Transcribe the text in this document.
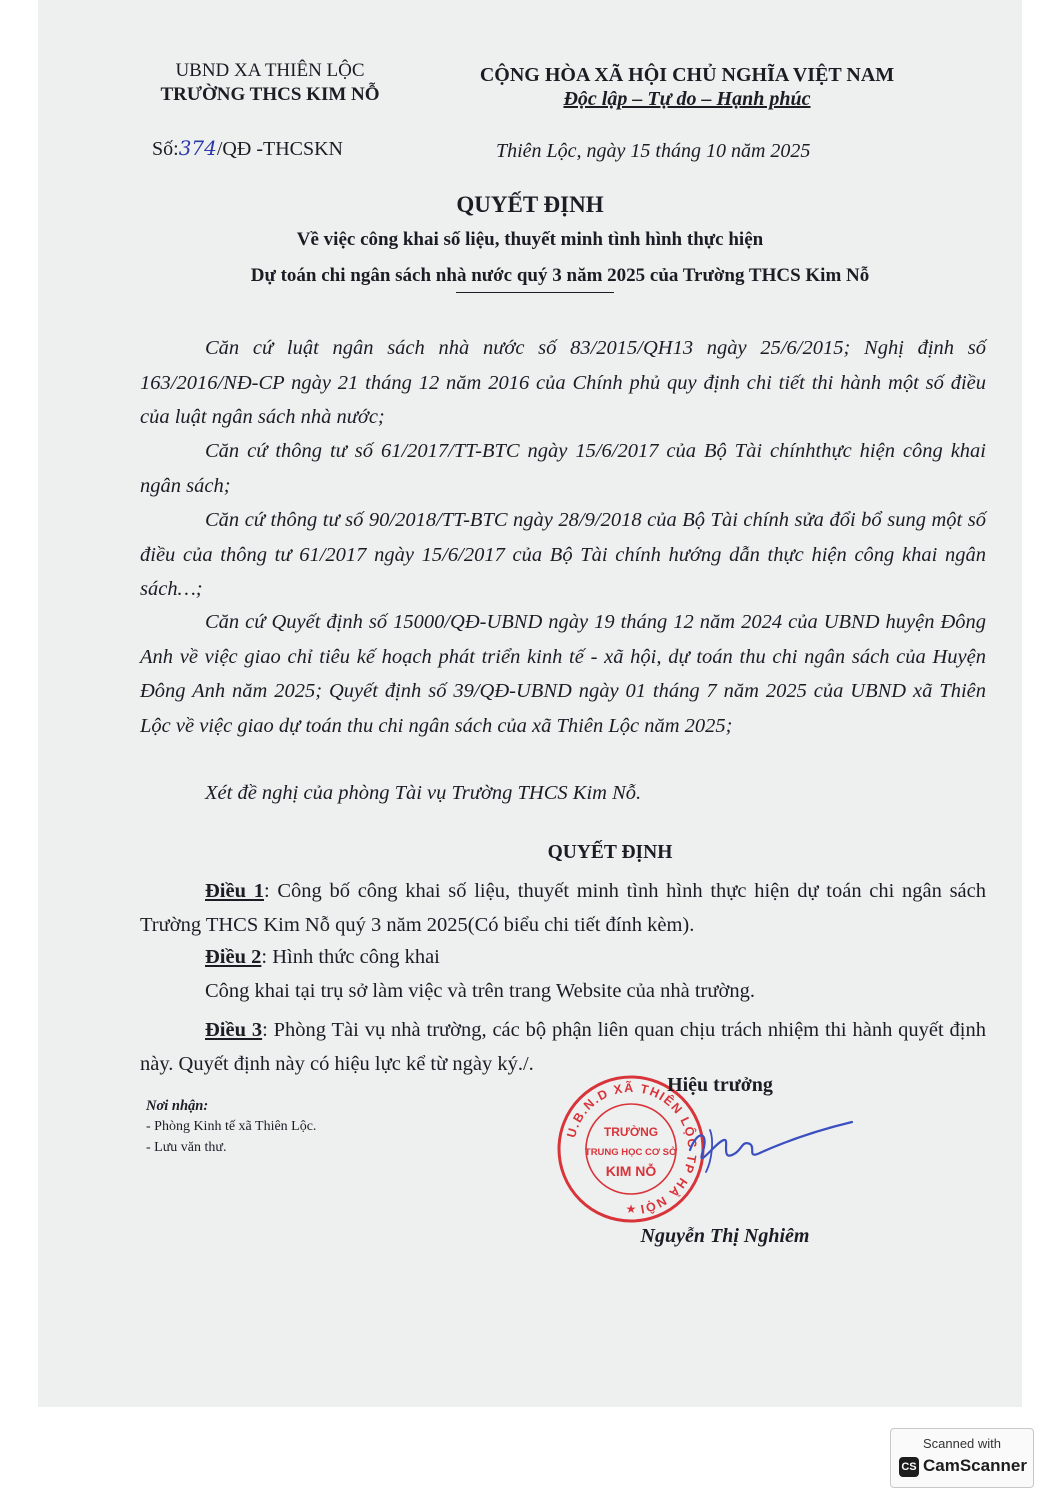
UBND XA THIÊN LỘC
TRƯỜNG THCS KIM NỖ
CỘNG HÒA XÃ HỘI CHỦ NGHĨA VIỆT NAM
Độc lập – Tự do – Hạnh phúc
Số:374/QĐ -THCSKN	Thiên Lộc, ngày 15 tháng 10 năm 2025
QUYẾT ĐỊNH
Về việc công khai số liệu, thuyết minh tình hình thực hiện
Dự toán chi ngân sách nhà nước quý 3 năm 2025 của Trường THCS Kim Nỗ
Căn cứ luật ngân sách nhà nước số 83/2015/QH13 ngày 25/6/2015; Nghị định số 163/2016/NĐ-CP ngày 21 tháng 12 năm 2016 của Chính phủ quy định chi tiết thi hành một số điều của luật ngân sách nhà nước;
Căn cứ thông tư số 61/2017/TT-BTC ngày 15/6/2017 của Bộ Tài chínhthực hiện công khai ngân sách;
Căn cứ thông tư số 90/2018/TT-BTC ngày 28/9/2018 của Bộ Tài chính sửa đổi bổ sung một số điều của thông tư 61/2017 ngày 15/6/2017 của Bộ Tài chính hướng dẫn thực hiện công khai ngân sách…;
Căn cứ Quyết định số 15000/QĐ-UBND ngày 19 tháng 12 năm 2024 của UBND huyện Đông Anh về việc giao chỉ tiêu kế hoạch phát triển kinh tế - xã hội, dự toán thu chi ngân sách của Huyện Đông Anh năm 2025; Quyết định số 39/QĐ-UBND ngày 01 tháng 7 năm 2025 của UBND xã Thiên Lộc về việc giao dự toán thu chi ngân sách của xã Thiên Lộc năm 2025;
Xét đề nghị của phòng Tài vụ Trường THCS Kim Nỗ.
QUYẾT ĐỊNH
Điều 1: Công bố công khai số liệu, thuyết minh tình hình thực hiện dự toán chi ngân sách Trường THCS Kim Nỗ quý 3 năm 2025(Có biểu chi tiết đính kèm).
Điều 2: Hình thức công khai
Công khai tại trụ sở làm việc và trên trang Website của nhà trường.
Điều 3: Phòng Tài vụ nhà trường, các bộ phận liên quan chịu trách nhiệm thi hành quyết định này. Quyết định này có hiệu lực kể từ ngày ký./.
Nơi nhận:
- Phòng Kinh tế xã Thiên Lộc.
- Lưu văn thư.
U.B.N.D XÃ THIÊN LỘC TP HÀ NỘI
TRƯỜNG
TRUNG HỌC CƠ SỞ
KIM NỖ
★
Hiệu trưởng
Nguyễn Thị Nghiêm
Scanned with
CS CamScanner
